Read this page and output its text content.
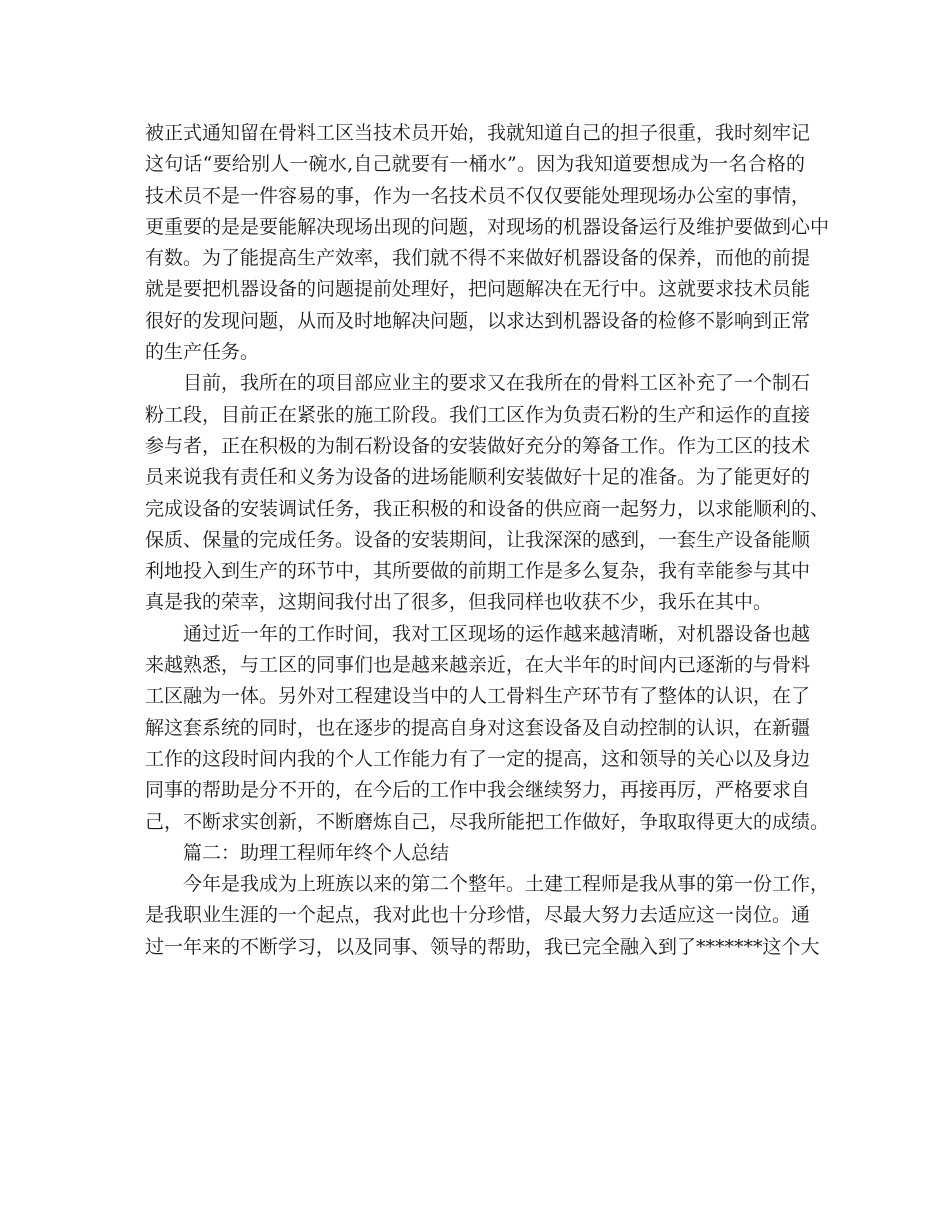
被正式通知留在骨料工区当技术员开始，我就知道自己的担子很重，我时刻牢记
这句话“要给别人一碗水,自己就要有一桶水”。因为我知道要想成为一名合格的
技术员不是一件容易的事，作为一名技术员不仅仅要能处理现场办公室的事情，
更重要的是是要能解决现场出现的问题，对现场的机器设备运行及维护要做到心中
有数。为了能提高生产效率，我们就不得不来做好机器设备的保养，而他的前提
就是要把机器设备的问题提前处理好，把问题解决在无行中。这就要求技术员能
很好的发现问题，从而及时地解决问题，以求达到机器设备的检修不影响到正常
的生产任务。
目前，我所在的项目部应业主的要求又在我所在的骨料工区补充了一个制石
粉工段，目前正在紧张的施工阶段。我们工区作为负责石粉的生产和运作的直接
参与者，正在积极的为制石粉设备的安装做好充分的筹备工作。作为工区的技术
员来说我有责任和义务为设备的进场能顺利安装做好十足的准备。为了能更好的
完成设备的安装调试任务，我正积极的和设备的供应商一起努力，以求能顺利的、
保质、保量的完成任务。设备的安装期间，让我深深的感到，一套生产设备能顺
利地投入到生产的环节中，其所要做的前期工作是多么复杂，我有幸能参与其中
真是我的荣幸，这期间我付出了很多，但我同样也收获不少，我乐在其中。
通过近一年的工作时间，我对工区现场的运作越来越清晰，对机器设备也越
来越熟悉，与工区的同事们也是越来越亲近，在大半年的时间内已逐渐的与骨料
工区融为一体。另外对工程建设当中的人工骨料生产环节有了整体的认识，在了
解这套系统的同时，也在逐步的提高自身对这套设备及自动控制的认识，在新疆
工作的这段时间内我的个人工作能力有了一定的提高，这和领导的关心以及身边
同事的帮助是分不开的，在今后的工作中我会继续努力，再接再厉，严格要求自
己，不断求实创新，不断磨炼自己，尽我所能把工作做好，争取取得更大的成绩。
篇二：助理工程师年终个人总结
今年是我成为上班族以来的第二个整年。土建工程师是我从事的第一份工作，
是我职业生涯的一个起点，我对此也十分珍惜，尽最大努力去适应这一岗位。通
过一年来的不断学习，以及同事、领导的帮助，我已完全融入到了*******这个大
